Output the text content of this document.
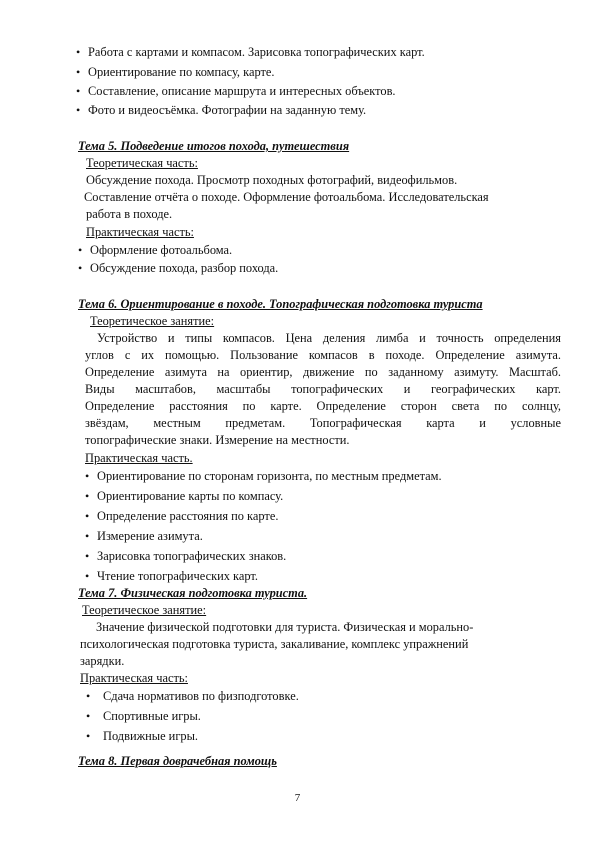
• Работа с картами и компасом. Зарисовка топографических карт.
• Ориентирование по компасу, карте.
• Составление, описание маршрута и интересных объектов.
• Фото и видеосъёмка. Фотографии на заданную тему.
Тема 5. Подведение итогов похода, путешествия
Теоретическая часть:
Обсуждение похода. Просмотр походных фотографий, видеофильмов.
Составление отчёта о походе. Оформление фотоальбома. Исследовательская
работа в походе.
Практическая часть:
• Оформление фотоальбома.
• Обсуждение похода, разбор похода.
Тема 6. Ориентирование в походе. Топографическая подготовка туриста
Теоретическое занятие:
Устройство и типы компасов. Цена деления лимба и точность определения
углов с их помощью. Пользование компасов в походе. Определение азимута.
Определение азимута на ориентир, движение по заданному азимуту. Масштаб.
Виды масштабов, масштабы топографических и географических карт.
Определение расстояния по карте. Определение сторон света по солнцу,
звёздам, местным предметам. Топографическая карта и условные
топографические знаки. Измерение на местности.
Практическая часть.
• Ориентирование по сторонам горизонта, по местным предметам.
• Ориентирование карты по компасу.
• Определение расстояния по карте.
• Измерение азимута.
• Зарисовка топографических знаков.
• Чтение топографических карт.
Тема 7. Физическая подготовка туриста.
Теоретическое занятие:
Значение физической подготовки для туриста. Физическая и морально-
психологическая подготовка туриста, закаливание, комплекс упражнений
зарядки.
Практическая часть:
• Сдача нормативов по физподготовке.
• Спортивные игры.
• Подвижные игры.
Тема 8. Первая доврачебная помощь
7
